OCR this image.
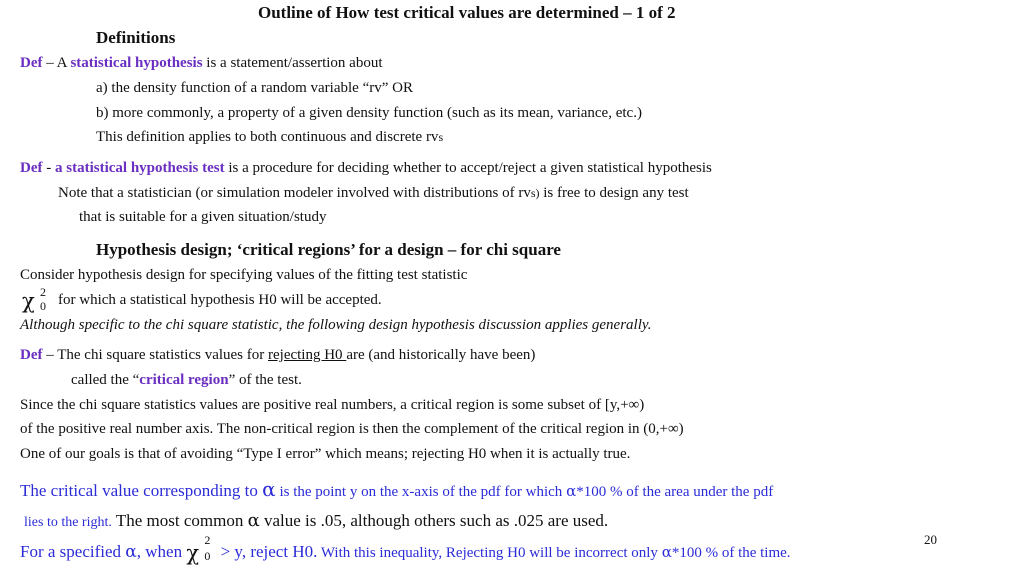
Outline of How test critical values are determined – 1 of 2
Definitions
Def – A statistical hypothesis is a statement/assertion about
a) the density function of a random variable “rv” OR
b) more commonly, a property of a given density function (such as its mean, variance, etc.)
This definition applies to both continuous and discrete rvs
Def - a statistical hypothesis test is a procedure for deciding whether to accept/reject a given statistical hypothesis
Note that a statistician (or simulation modeler involved with distributions of rvs) is free to design any test
that is suitable for a given situation/study
Hypothesis design; ‘critical regions’ for a design – for chi square
Consider hypothesis design for specifying values of the fitting test statistic
χ 2
0 for which a statistical hypothesis H0 will be accepted.
Although specific to the chi square statistic, the following design hypothesis discussion applies generally.
Def – The chi square statistics values for rejecting H0 are (and historically have been)
called the “critical region” of the test.
Since the chi square statistics values are positive real numbers, a critical region is some subset of [y,+∞)
of the positive real number axis. The non-critical region is then the complement of the critical region in (0,+∞)
One of our goals is that of avoiding “Type I error” which means; rejecting H0 when it is actually true.
The critical value corresponding to α is the point y on the x-axis of the pdf for which α*100 % of the area under the pdf
lies to the right. The most common α value is .05, although others such as .025 are used.
For a specified α, when χ
2
0 > y, reject H0. With this inequality, Rejecting H0 will be incorrect only α*100 % of the time.
20
